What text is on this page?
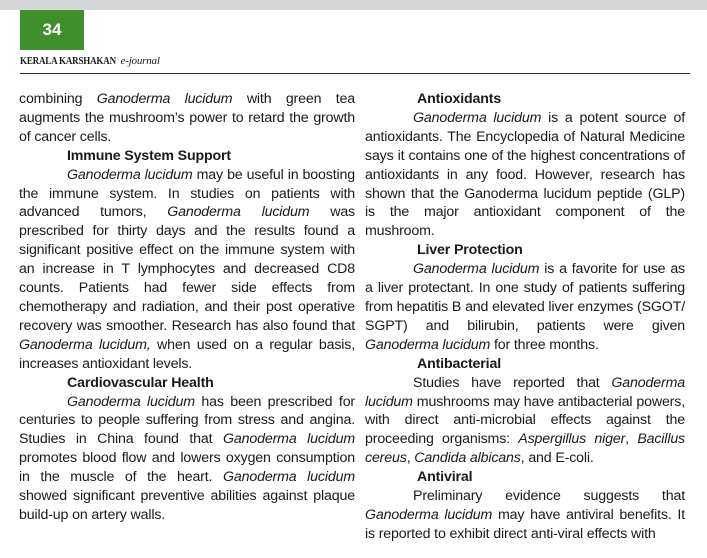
34
KERALA KARSHAKAN e-journal

combining Ganoderma lucidum with green tea augments the mushroom’s power to retard the growth of cancer cells.

Immune System Support

Ganoderma lucidum may be useful in boosting the immune system. In studies on patients with advanced tumors, Ganoderma lucidum was prescribed for thirty days and the results found a significant positive effect on the immune system with an increase in T lymphocytes and decreased CD8 counts. Patients had fewer side effects from chemotherapy and radiation, and their post operative recovery was smoother. Research has also found that Ganoderma lucidum, when used on a regular basis, increases antioxidant levels.

Cardiovascular Health

Ganoderma lucidum has been prescribed for centuries to people suffering from stress and angina. Studies in China found that Ganoderma lucidum promotes blood flow and lowers oxygen consumption in the muscle of the heart. Ganoderma lucidum showed significant preventive abilities against plaque build-up on artery walls.

Antioxidants

Ganoderma lucidum is a potent source of antioxidants. The Encyclopedia of Natural Medicine says it contains one of the highest concentrations of antioxidants in any food. However, research has shown that the Ganoderma lucidum peptide (GLP) is the major antioxidant component of the mushroom.

Liver Protection

Ganoderma lucidum is a favorite for use as a liver protectant. In one study of patients suffering from hepatitis B and elevated liver enzymes (SGOT/ SGPT) and bilirubin, patients were given Ganoderma lucidum for three months.

Antibacterial

Studies have reported that Ganoderma lucidum mushrooms may have antibacterial powers, with direct anti-microbial effects against the proceeding organisms: Aspergillus niger, Bacillus cereus, Candida albicans, and E-coli.

Antiviral

Preliminary evidence suggests that Ganoderma lucidum may have antiviral benefits. It is reported to exhibit direct anti-viral effects with
